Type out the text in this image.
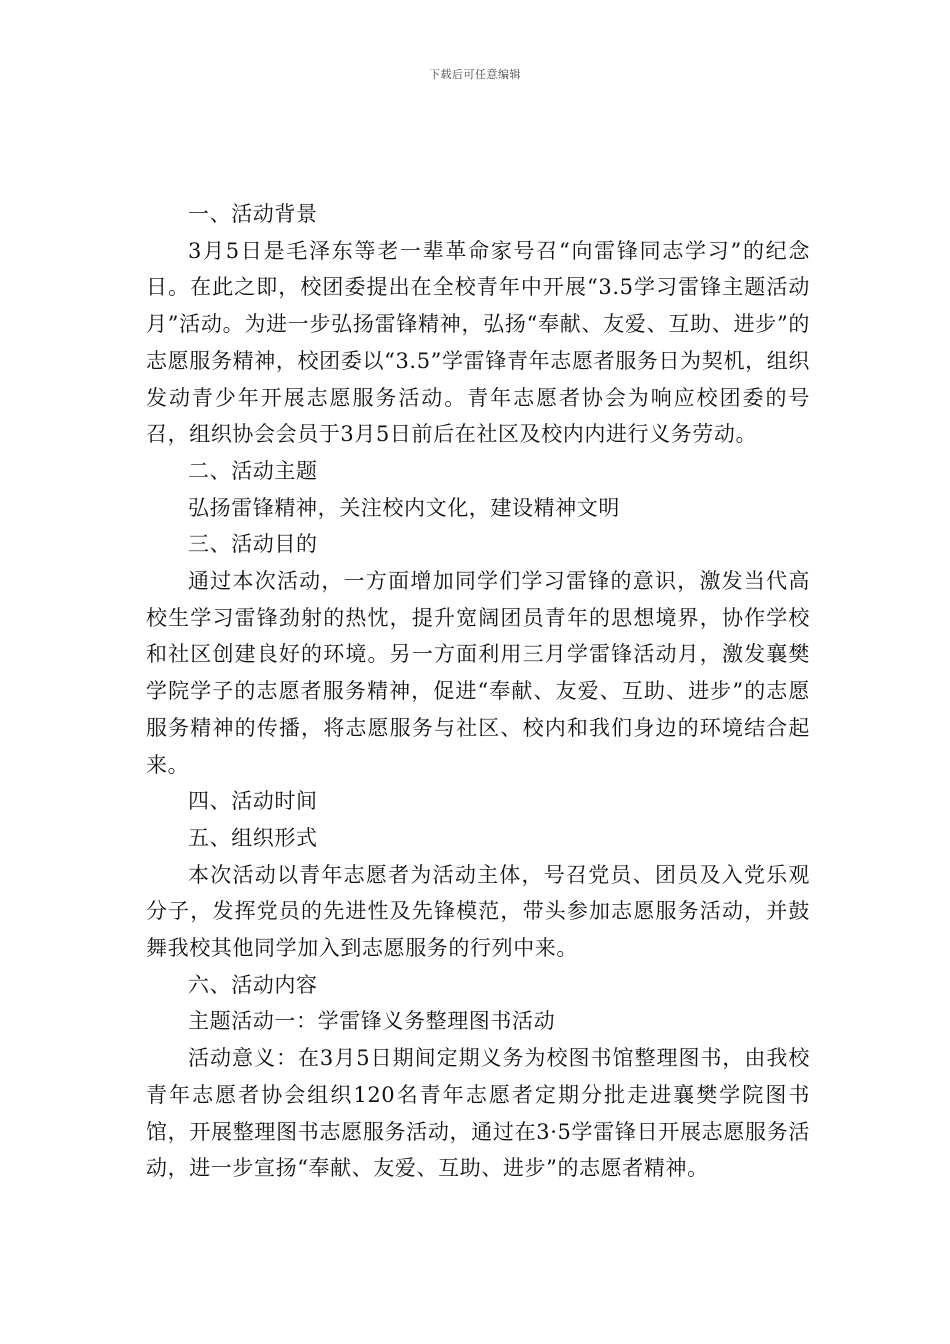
下载后可任意编辑

一、活动背景

3月5日是毛泽东等老一辈革命家号召“向雷锋同志学习”的纪念日。在此之即，校团委提出在全校青年中开展“3.5学习雷锋主题活动月”活动。为进一步弘扬雷锋精神，弘扬“奉献、友爱、互助、进步”的志愿服务精神，校团委以“3.5”学雷锋青年志愿者服务日为契机，组织发动青少年开展志愿服务活动。青年志愿者协会为响应校团委的号召，组织协会会员于3月5日前后在社区及校内内进行义务劳动。

二、活动主题

弘扬雷锋精神，关注校内文化，建设精神文明

三、活动目的

通过本次活动，一方面增加同学们学习雷锋的意识，激发当代高校生学习雷锋劲射的热忱，提升宽阔团员青年的思想境界，协作学校和社区创建良好的环境。另一方面利用三月学雷锋活动月，激发襄樊学院学子的志愿者服务精神，促进“奉献、友爱、互助、进步”的志愿服务精神的传播，将志愿服务与社区、校内和我们身边的环境结合起来。

四、活动时间

五、组织形式

本次活动以青年志愿者为活动主体，号召党员、团员及入党乐观分子，发挥党员的先进性及先锋模范，带头参加志愿服务活动，并鼓舞我校其他同学加入到志愿服务的行列中来。

六、活动内容

主题活动一：学雷锋义务整理图书活动

活动意义：在3月5日期间定期义务为校图书馆整理图书，由我校青年志愿者协会组织120名青年志愿者定期分批走进襄樊学院图书馆，开展整理图书志愿服务活动，通过在3·5学雷锋日开展志愿服务活动，进一步宣扬“奉献、友爱、互助、进步”的志愿者精神。
